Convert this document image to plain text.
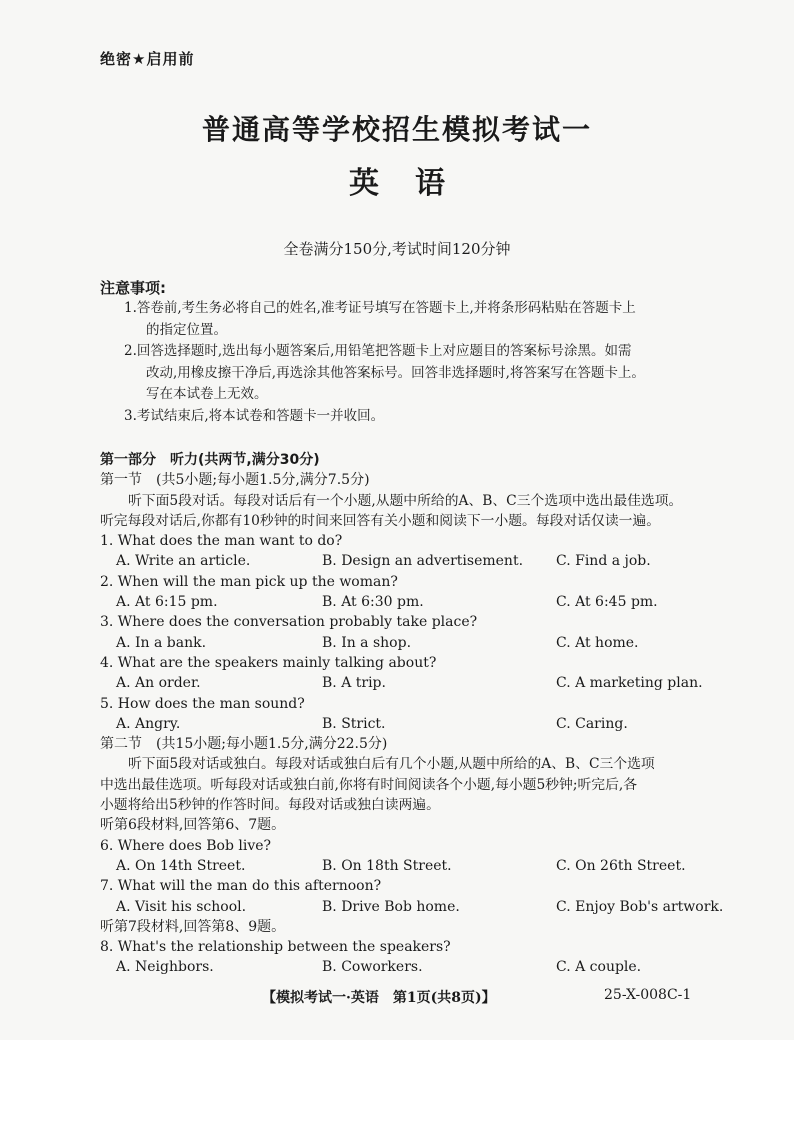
绝密★启用前
普通高等学校招生模拟考试一
英语
全卷满分150分,考试时间120分钟
注意事项:

1.答卷前,考生务必将自己的姓名,准考证号填写在答题卡上,并将条形码粘贴在答题卡上

的指定位置。

2.回答选择题时,选出每小题答案后,用铅笔把答题卡上对应题目的答案标号涂黑。如需

改动,用橡皮擦干净后,再选涂其他答案标号。回答非选择题时,将答案写在答题卡上。

写在本试卷上无效。

3.考试结束后,将本试卷和答题卡一并收回。

第一部分　听力(共两节,满分30分)
第一节　(共5小题;每小题1.5分,满分7.5分)
听下面5段对话。每段对话后有一个小题,从题中所给的A、B、C三个选项中选出最佳选项。
听完每段对话后,你都有10秒钟的时间来回答有关小题和阅读下一小题。每段对话仅读一遍。
1. What does the man want to do?
A. Write an article.	B. Design an advertisement. C. Find a job.
2. When will the man pick up the woman?
A. At 6:15 pm.	B. At 6:30 pm.	C. At 6:45 pm.
3. Where does the conversation probably take place?
A. In a bank.	B. In a shop.	C. At home.
4. What are the speakers mainly talking about?
A. An order.	B. A trip.	C. A marketing plan.
5. How does the man sound?
A. Angry.	B. Strict.	C. Caring.
第二节　(共15小题;每小题1.5分,满分22.5分)
听下面5段对话或独白。每段对话或独白后有几个小题,从题中所给的A、B、C三个选项
中选出最佳选项。听每段对话或独白前,你将有时间阅读各个小题,每小题5秒钟;听完后,各
小题将给出5秒钟的作答时间。每段对话或独白读两遍。
听第6段材料,回答第6、7题。
6. Where does Bob live?
A. On 14th Street.	B. On 18th Street.	C. On 26th Street.
7. What will the man do this afternoon?
A. Visit his school.	B. Drive Bob home.	C. Enjoy Bob's artwork.
听第7段材料,回答第8、9题。
8. What's the relationship between the speakers?
A. Neighbors.	B. Coworkers.	C. A couple.
【模拟考试一·英语　第1页(共8页)】	25-X-008C-1
